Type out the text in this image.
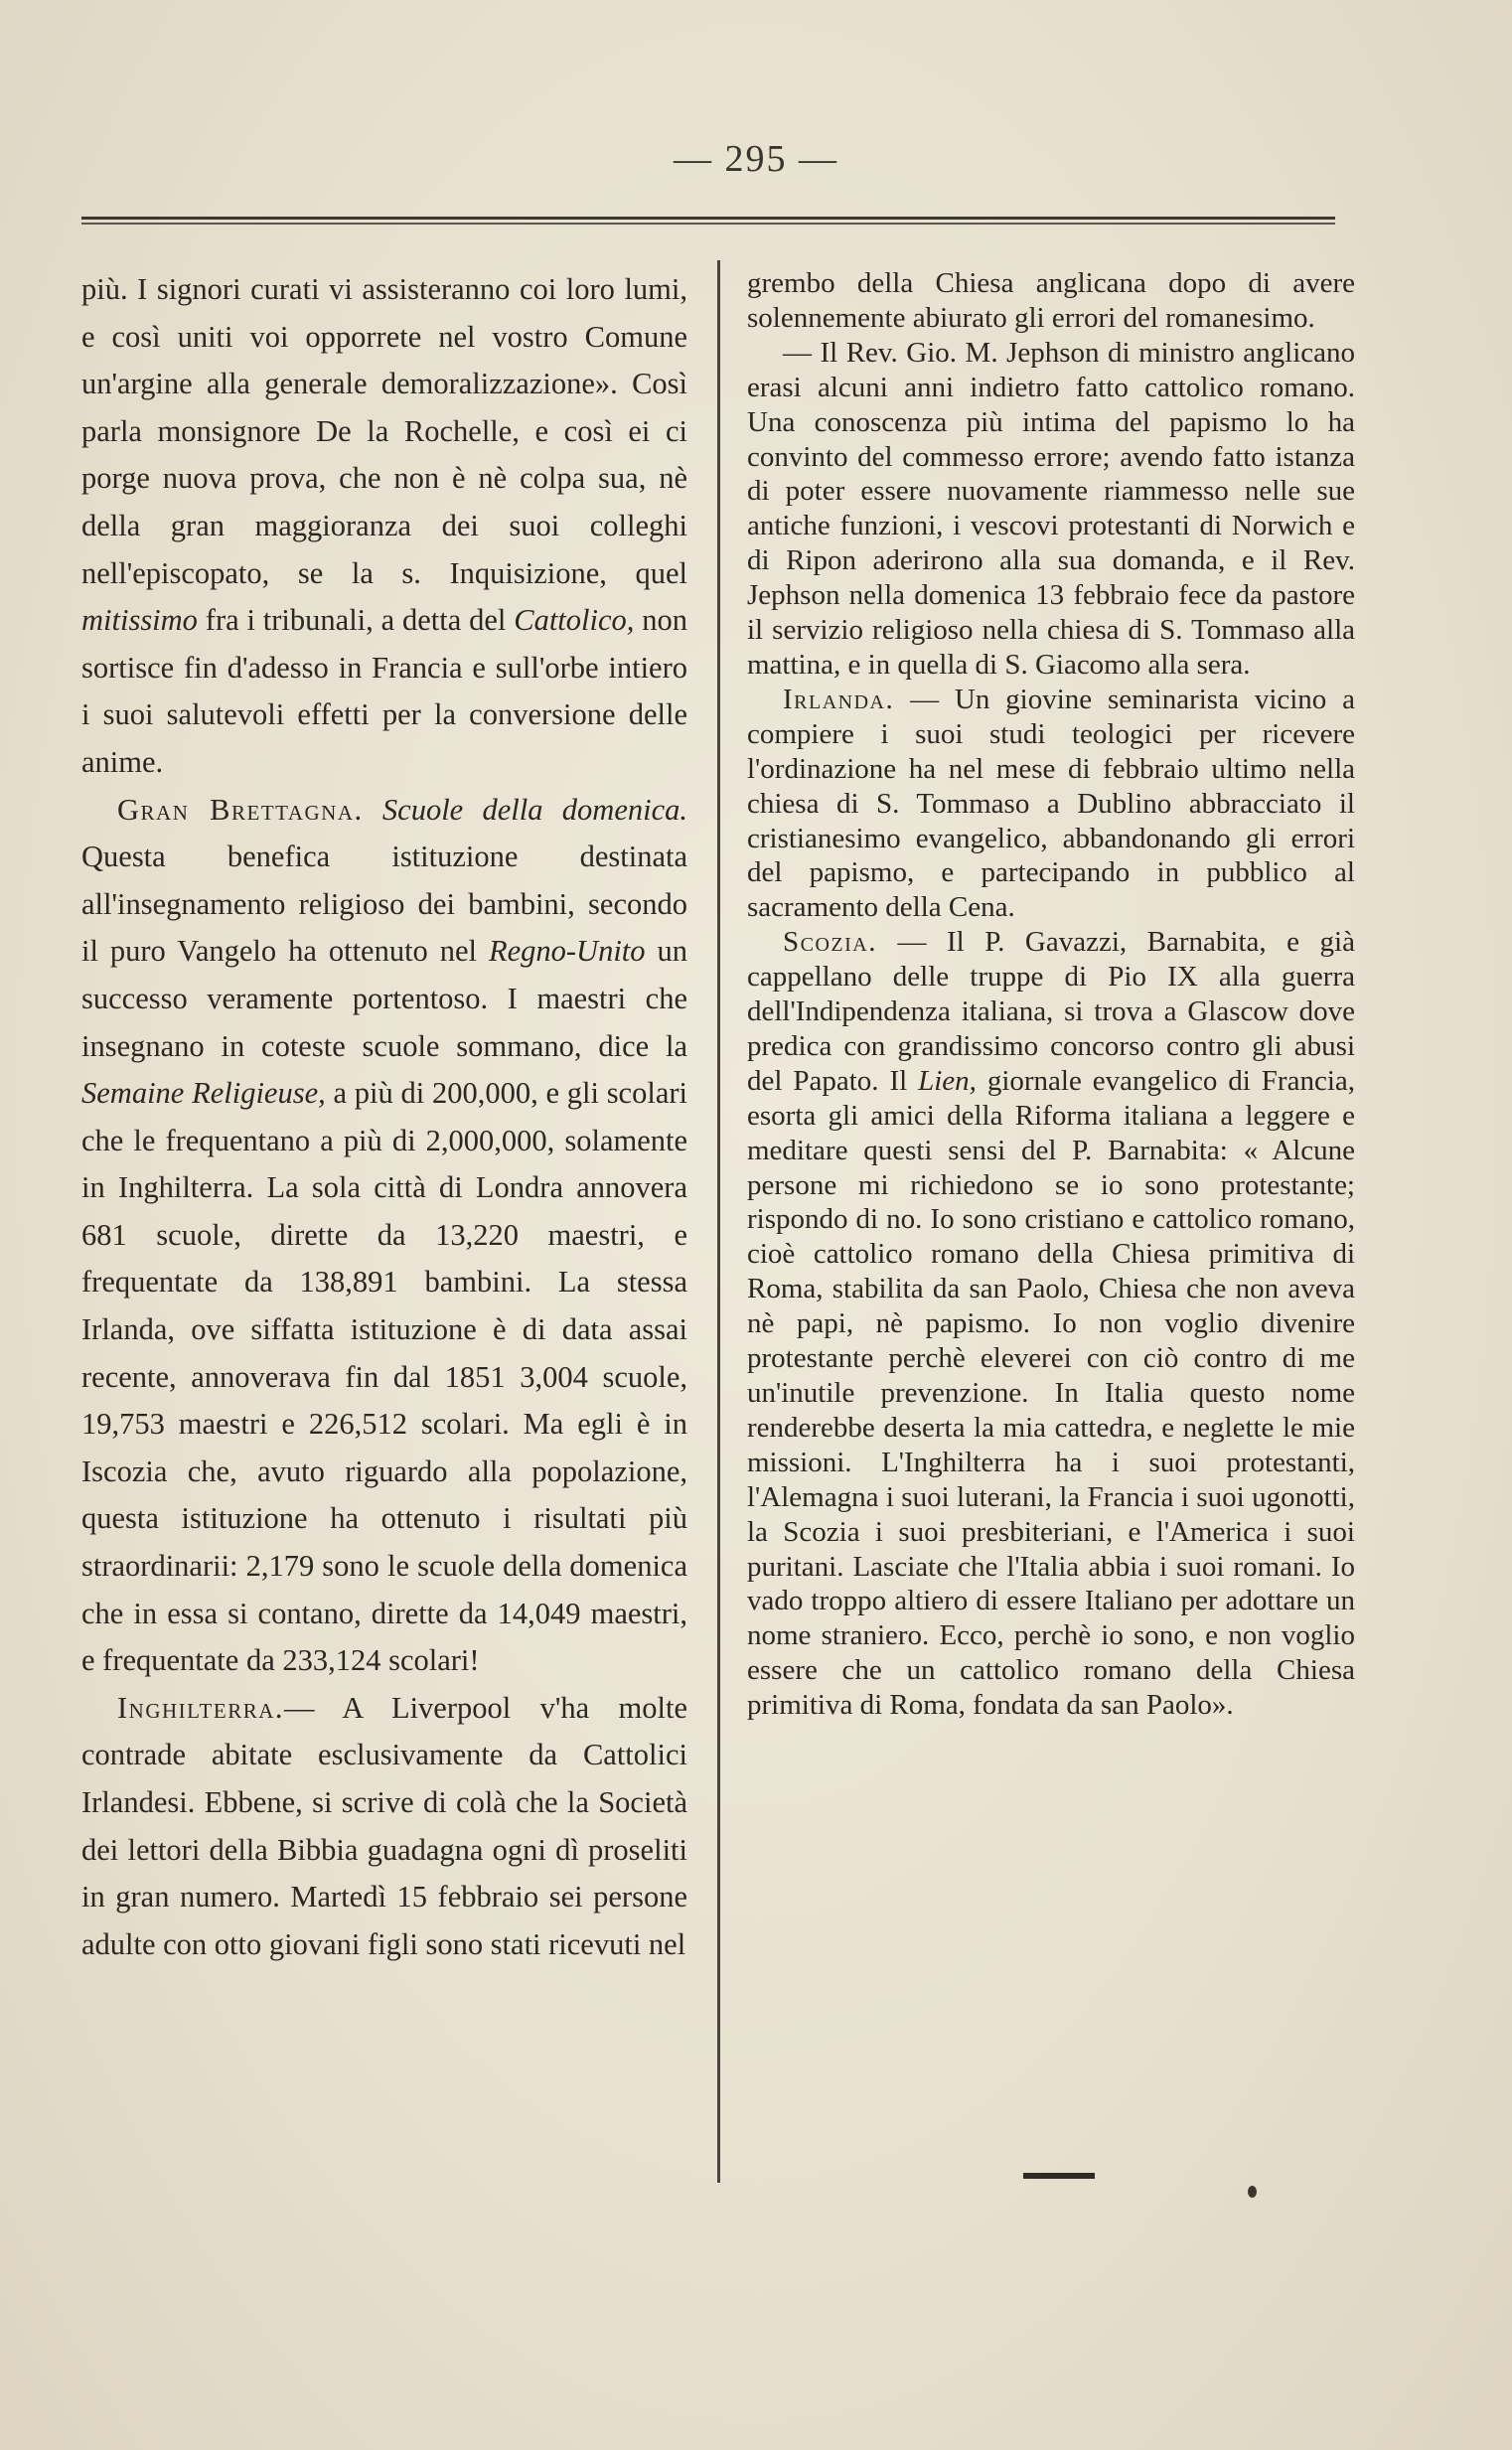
— 295 —

più. I signori curati vi assisteranno coi loro lumi, e così uniti voi opporrete nel vostro Comune un'argine alla generale demoralizzazione». Così parla monsignore De la Rochelle, e così ei ci porge nuova prova, che non è nè colpa sua, nè della gran maggioranza dei suoi colleghi nell'episcopato, se la s. Inquisizione, quel mitissimo fra i tribunali, a detta del Cattolico, non sortisce fin d'adesso in Francia e sull'orbe intiero i suoi salutevoli effetti per la conversione delle anime.

Gran Brettagna. Scuole della domenica. Questa benefica istituzione destinata all'insegnamento religioso dei bambini, secondo il puro Vangelo ha ottenuto nel Regno-Unito un successo veramente portentoso. I maestri che insegnano in coteste scuole sommano, dice la Semaine Religieuse, a più di 200,000, e gli scolari che le frequentano a più di 2,000,000, solamente in Inghilterra. La sola città di Londra annovera 681 scuole, dirette da 13,220 maestri, e frequentate da 138,891 bambini. La stessa Irlanda, ove siffatta istituzione è di data assai recente, annoverava fin dal 1851 3,004 scuole, 19,753 maestri e 226,512 scolari. Ma egli è in Iscozia che, avuto riguardo alla popolazione, questa istituzione ha ottenuto i risultati più straordinarii: 2,179 sono le scuole della domenica che in essa si contano, dirette da 14,049 maestri, e frequentate da 233,124 scolari!

Inghilterra.— A Liverpool v'ha molte contrade abitate esclusivamente da Cattolici Irlandesi. Ebbene, si scrive di colà che la Società dei lettori della Bibbia guadagna ogni dì proseliti in gran numero. Martedì 15 febbraio sei persone adulte con otto giovani figli sono stati ricevuti nel

grembo della Chiesa anglicana dopo di avere solennemente abiurato gli errori del romanesimo.

— Il Rev. Gio. M. Jephson di ministro anglicano erasi alcuni anni indietro fatto cattolico romano. Una conoscenza più intima del papismo lo ha convinto del commesso errore; avendo fatto istanza di poter essere nuovamente riammesso nelle sue antiche funzioni, i vescovi protestanti di Norwich e di Ripon aderirono alla sua domanda, e il Rev. Jephson nella domenica 13 febbraio fece da pastore il servizio religioso nella chiesa di S. Tommaso alla mattina, e in quella di S. Giacomo alla sera.

Irlanda. — Un giovine seminarista vicino a compiere i suoi studi teologici per ricevere l'ordinazione ha nel mese di febbraio ultimo nella chiesa di S. Tommaso a Dublino abbracciato il cristianesimo evangelico, abbandonando gli errori del papismo, e partecipando in pubblico al sacramento della Cena.

Scozia. — Il P. Gavazzi, Barnabita, e già cappellano delle truppe di Pio IX alla guerra dell'Indipendenza italiana, si trova a Glascow dove predica con grandissimo concorso contro gli abusi del Papato. Il Lien, giornale evangelico di Francia, esorta gli amici della Riforma italiana a leggere e meditare questi sensi del P. Barnabita: « Alcune persone mi richiedono se io sono protestante; rispondo di no. Io sono cristiano e cattolico romano, cioè cattolico romano della Chiesa primitiva di Roma, stabilita da san Paolo, Chiesa che non aveva nè papi, nè papismo. Io non voglio divenire protestante perchè eleverei con ciò contro di me un'inutile prevenzione. In Italia questo nome renderebbe deserta la mia cattedra, e neglette le mie missioni. L'Inghilterra ha i suoi protestanti, l'Alemagna i suoi luterani, la Francia i suoi ugonotti, la Scozia i suoi presbiteriani, e l'America i suoi puritani. Lasciate che l'Italia abbia i suoi romani. Io vado troppo altiero di essere Italiano per adottare un nome straniero. Ecco, perchè io sono, e non voglio essere che un cattolico romano della Chiesa primitiva di Roma, fondata da san Paolo».
